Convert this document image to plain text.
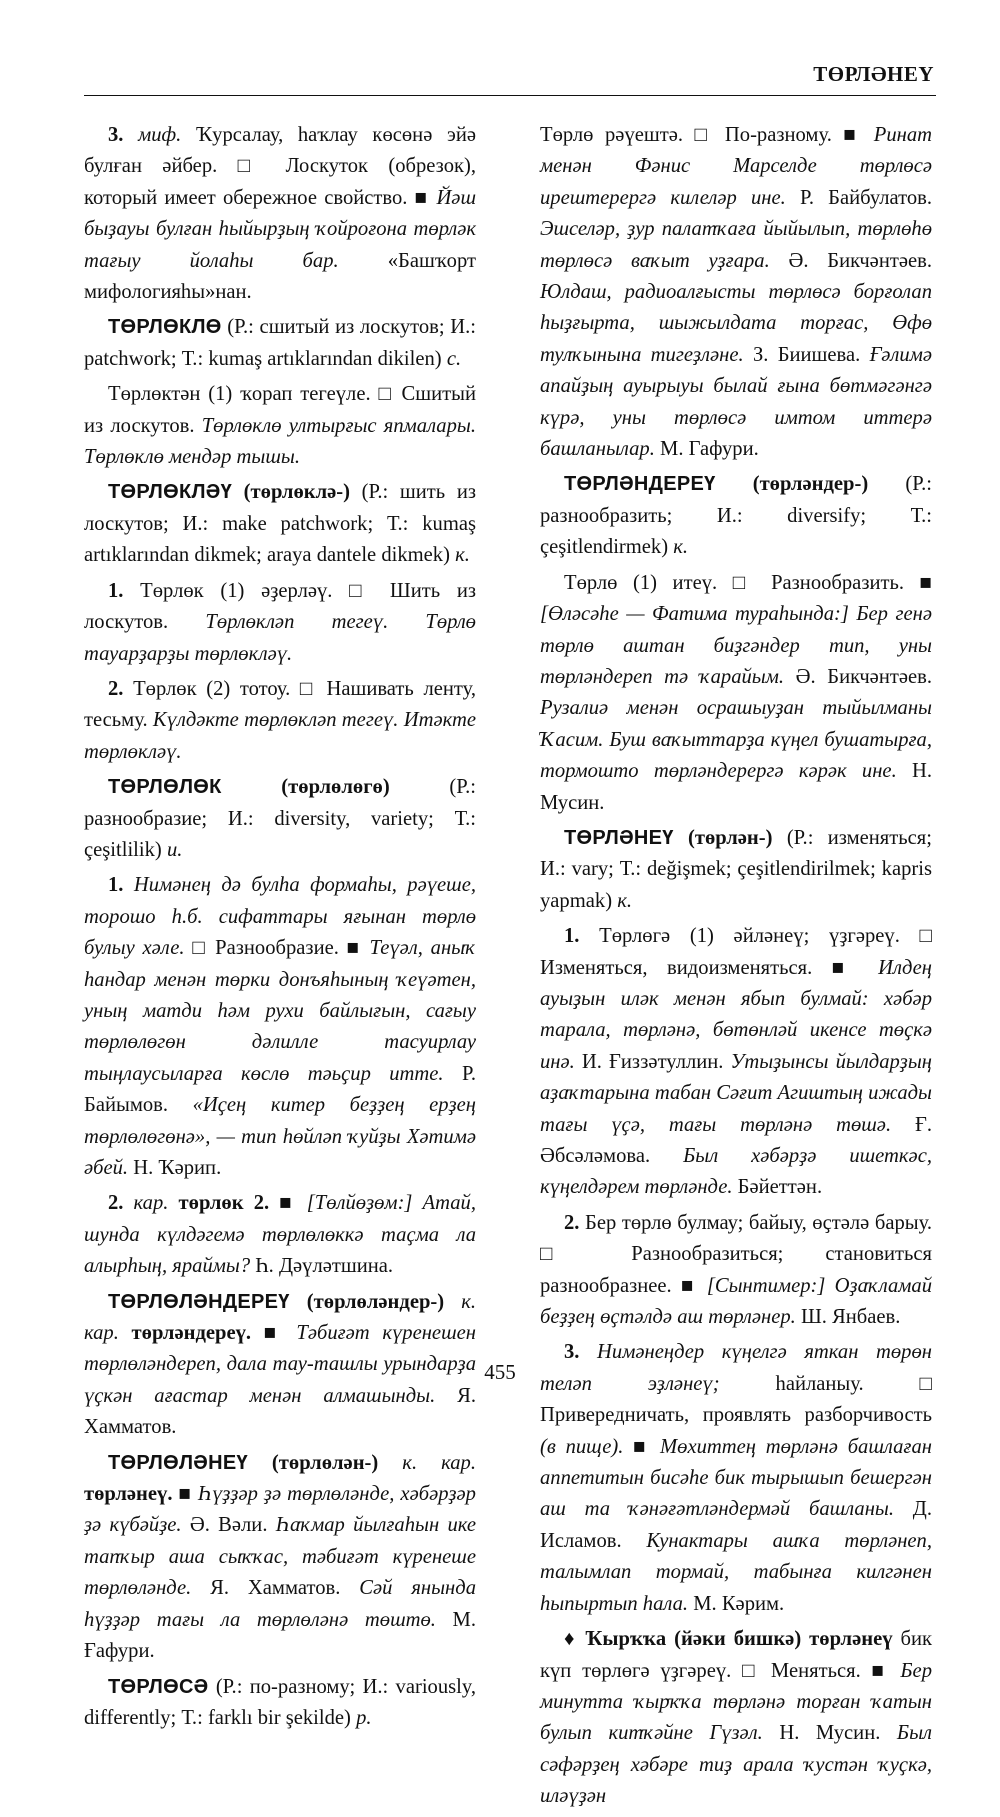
ТӨРЛӘНЕҮ

3. миф. Ҡурсалау, һаҡлау көсөнә эйә булған әйбер. □ Лоскуток (обрезок), который имеет обережное свойство. ■ Йәш быҙауы булған һыйырҙың ҡойроғона төрләк тағыу йолаһы бар. «Башҡорт мифологияһы»нан.

ТӨРЛӨКЛӨ (Р.: сшитый из лоскутов; И.: patchwork; Т.: kumaş artıklarından dikilen) с.

Төрлөктән (1) ҡорап тегеүле. □ Сшитый из лоскутов. Төрлөклө ултырғыс япмалары. Төрлөклө мендәр тышы.

ТӨРЛӨКЛӘҮ (төрлөклә-) (Р.: шить из лоскутов; И.: make patchwork; Т.: kumaş artıklarından dikmek; araya dantele dikmek) к.

1. Төрлөк (1) әҙерләү. □ Шить из лоскутов. Төрлөкләп тегеү. Төрлө тауарҙарҙы төрлөкләү.

2. Төрлөк (2) тотоу. □ Нашивать ленту, тесьму. Күлдәкте төрлөкләп тегеү. Итәкте төрлөкләү.

ТӨРЛӨЛӨК (төрлөлөгө) (Р.: разнообразие; И.: diversity, variety; Т.: çeşitlilik) и.

1. Нимәнең дә булһа формаһы, рәүеше, торошо һ.б. сифаттары яғынан төрлө булыу хәле. □ Разнообразие. ■ Теүәл, аныҡ һандар менән төрки донъяһының ҡеүәтен, уның матди һәм рухи байлығын, сағыу төрлөлөгөн дәлилле тасуирлау тыңлаусыларға көслө тәьҫир итте. Р. Байымов. «Иҫең китер беҙҙең ерҙең төрлөлөгөнә», — тип һөйләп ҡуйҙы Хәтимә әбей. Н. Ҡәрип.

2. кар. төрлөк 2. ■ [Төлйөҙөм:] Атай, шунда күлдәгемә төрлөлөккә таҫма ла алырһың, яраймы? Һ. Дәүләтшина.

ТӨРЛӨЛӘНДЕРЕҮ (төрлөләндер-) к. кар. төрләндереү. ■ Тәбиғәт күренешен төрлөләндереп, дала тау-ташлы урындарҙа үҫкән ағастар менән алмашынды. Я. Хамматов.

ТӨРЛӨЛӘНЕҮ (төрлөлән-) к. кар. төрләнеү. ■ Һүҙҙәр ҙә төрлөләнде, хәбәрҙәр ҙә күбәйҙе. Ә. Вәли. Һаҡмар йылғаһын ике тапҡыр аша сыҡҡас, тәбиғәт күренеше төрлөләнде. Я. Хамматов. Сәй янында һүҙҙәр тағы ла төрлөләнә төштө. М. Ғафури.

ТӨРЛӨСӘ (Р.: по-разному; И.: variously, differently; Т.: farklı bir şekilde) р.

Төрлө рәүештә. □ По-разному. ■ Ринат менән Фәнис Марселде төрлөсә ирештерергә килеләр ине. Р. Байбулатов. Эшселәр, ҙур палатҡаға йыйылып, төрлөһө төрлөсә ваҡыт уҙғара. Ә. Бикчәнтәев. Юлдаш, радиоалғысты төрлөсә борғолап һыҙғырта, шыжылдата торғас, Өфө тулҡынына тигеҙләне. З. Биишева. Ғәлимә апайҙың ауырыуы былай ғына бөтмәгәнгә күрә, уны төрлөсә имтом иттерә башланылар. М. Гафури.

ТӨРЛӘНДЕРЕҮ (төрләндер-) (Р.: разнообразить; И.: diversify; Т.: çeşitlendirmek) к.

Төрлө (1) итеү. □ Разнообразить. ■ [Өләсәһе — Фатима тураһында:] Бер генә төрлө аштан биҙгәндер тип, уны төрләндереп тә ҡарайым. Ә. Бикчәнтәев. Рузалиә менән осрашыуҙан тыйылманы Ҡасим. Буш ваҡыттарҙа күңел бушатырға, тормошто төрләндерергә кәрәк ине. Н. Мусин.

ТӨРЛӘНЕҮ (төрлән-) (Р.: изменяться; И.: vary; Т.: değişmek; çeşitlendirilmek; kapris yapmak) к.

1. Төрлөгә (1) әйләнеү; үҙгәреү. □ Изменяться, видоизменяться. ■ Илдең ауыҙын иләк менән ябып булмай: хәбәр тарала, төрләнә, бөтөнләй икенсе төҫкә инә. И. Ғиззәтуллин. Утыҙынсы йылдарҙың аҙаҡтарына табан Сәғит Агиштың ижады тағы үҫә, тағы төрләнә төшә. Ғ. Әбсәләмова. Был хәбәрҙә ишеткәс, күңелдәрем төрләнде. Бәйеттән.

2. Бер төрлө булмау; байыу, өҫтәлә барыу. □ Разнообразиться; становиться разнообразнее. ■ [Сынтимер:] Оҙаҡламай беҙҙең өҫтәлдә аш төрләнер. Ш. Янбаев.

3. Нимәнеңдер күңелгә яткан төрөн теләп эҙләнеү; һайланыу. □ Привередничать, проявлять разборчивость (в пище). ■ Мөхиттең төрләнә башлаған аппетитын бисәһе бик тырышып бешергән аш та ҡәнәғәтләндермәй башланы. Д. Исламов. Кунактары ашҡа төрләнеп, талымлап тормай, табынға килгәнен һыпыртып һала. М. Кәрим.

♦ Ҡырҡҡа (йәки бишкә) төрләнеү бик күп төрлөгә үҙгәреү. □ Меняться. ■ Бер минутта ҡырҡҡа төрләнә торған ҡатын булып китҡәйне Гүзәл. Н. Мусин. Был сәфәрҙең хәбәре тиҙ арала ҡустән ҡуҫкә, иләүҙән

455
